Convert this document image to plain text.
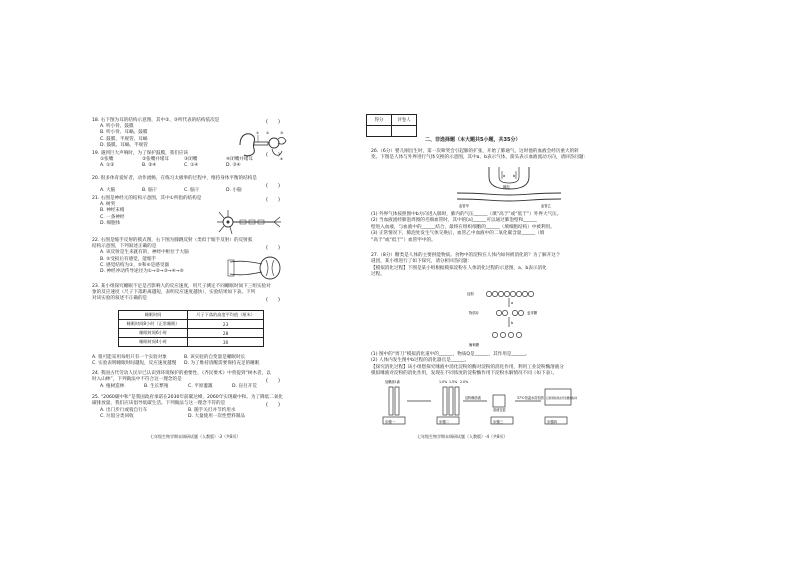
18. 右下图为耳的结构示意图，其中②、③所代表的结构依次是
A. 听小骨、鼓膜
B. 听小骨、耳蜗、鼓膜
C. 鼓膜、半规管、耳蜗
D. 鼓膜、耳蜗、半规管
(　　)
① ②	③
④
19. 遇到巨大声响时，为了保护鼓膜，我们应该	(　　)
①张嘴	②张嘴并堵耳	③闭嘴	④闭嘴并堵耳
A. ①②	B. ②④	C. ①④	D. ③④
20. 很多体育爱好者，动作流畅，在练习太极拳的过程中，维持身体平衡的结构是
(　　)
A. 大脑	B. 脑干	C. 脑干	D. 小脑
21. 右图是神经元的结构示意图，其中①所指的结构是
A. 树突
B. 神经末梢
C. 一条神经
D. 细胞体
(　　)
22. 右图是缩手反射的模式图，右下图为膝跳反射（类似于缩手反射）的反射弧
结构示意图，下列叙述正确的是
A. 该反射是生来就有的，神经中枢位于大脑
B. ⑤受损后有感觉，能缩手
C. 感觉结构为①，⑤和⑥是感受器
D. 神经冲动传导途径为①→②→③→④→⑤
(　　)
23. 某小组探究睡眠不足是否影响人的反应速度，用尺子测定不同睡眠时间下三组实验对
象的反应速度（尺子下落距离越短，表明反应速度越快），实验结果如下表。下列
对该实验的叙述不正确的是	(　　)
睡眠时间	尺子下落的高度平均值（厘米）
睡眠时间8小时（正常睡眠）	23
睡眠时间6小时	28
睡眠时间4小时	30
A. 很可能采用每组只有一个实验对象	B. 该实验的自变量是睡眠时长
C. 实验表明睡眠时间越短，反应速度越慢 D. 为了维持清醒需要保持充足的睡眠
24. 我国古代劳动人民早已认识到环境保护的重要性，《齐民要术》中曾提到“树木者，以
时入山林”，下列做法中不符合这一理念的是	(　　)
A. 植树造林	B. 生长繁殖	C. 平原灌溉	D. 盲目开荒
25. “2060碳中和”是我国政府承诺在2030年前碳达峰，2060年实现碳中和。为了降低二氧化
碳排放量，我们应该倡导低碳生活。下列做法与这一理念不符的是	(　　)
A. 出门步行或骑自行车	B. 随手关灯并节约用水
C. 垃圾分类回收	D. 大量使用一次性塑料制品
七年级生物学期末调研试题（人教版）-3（共8页）
得分	评卷人

二、非选择题（本大题共5小题，共35分）
26.（6分）婴儿刚出生时，第一次啼哭会引起肺的扩张，开始了肺通气，这时他的血液会经历重大的转
变。下图是人体与外界进行气体交换的示意图，其中a、b表示气体，箭头表示血液流动方向，请回答问题：
a b
肺泡
血管甲	血管乙
(1) 外界气体按照图中b方向进入肺时，肺内的气压______（填“高于”或“低于”）外界大气压。
(2) 当血液流经肺泡周围的毛细血管时，其中的[a]______可以通过肺泡壁和______
壁进入血液，与血液中的______结合，最终在组织细胞的______（填细胞结构）中被利用。
(3) 正常情况下，肺泡处发生气体交换后，血管乙中血液中的二氧化碳含量______（填
“高于”或“低于”）血管甲中的。
27.（8分）糖类是人体的主要供能物质。食物中的淀粉在人体内如何被消化的？为了解开这个
谜团，某小组进行了如下探究，请分析回答问题：
【模拟消化过程】下图是某小组根据模拟淀粉在人体消化过程的示意图，a、b表示消化
过程。
淀粉
a
b
麦芽糖
物质Q
葡萄糖
(1) 图中的“剪刀”模拟消化道中的______，物质Q是______，其作用是______。
(2) 人体内发生图中b过程的消化器官是______。
【探究消化过程】该小组想探究唾液中消化淀粉的酶对淀粉的消化作用，利用工业淀粉酶溶液分
模拟唾液对淀粉的消化作用，发现在不同浓度的淀粉酶作用下淀粉水解情况不同（如下表）。
加碘液1滴	1.0% 1.5% 2.0%
淀粉酶溶液	37℃恒温水浴加热
溶液变蓝
记录颜色褪去所需要的时间
步骤一	步骤二	步骤三	步骤四
七年级生物学期末调研试题（人教版）-4（共8页）
